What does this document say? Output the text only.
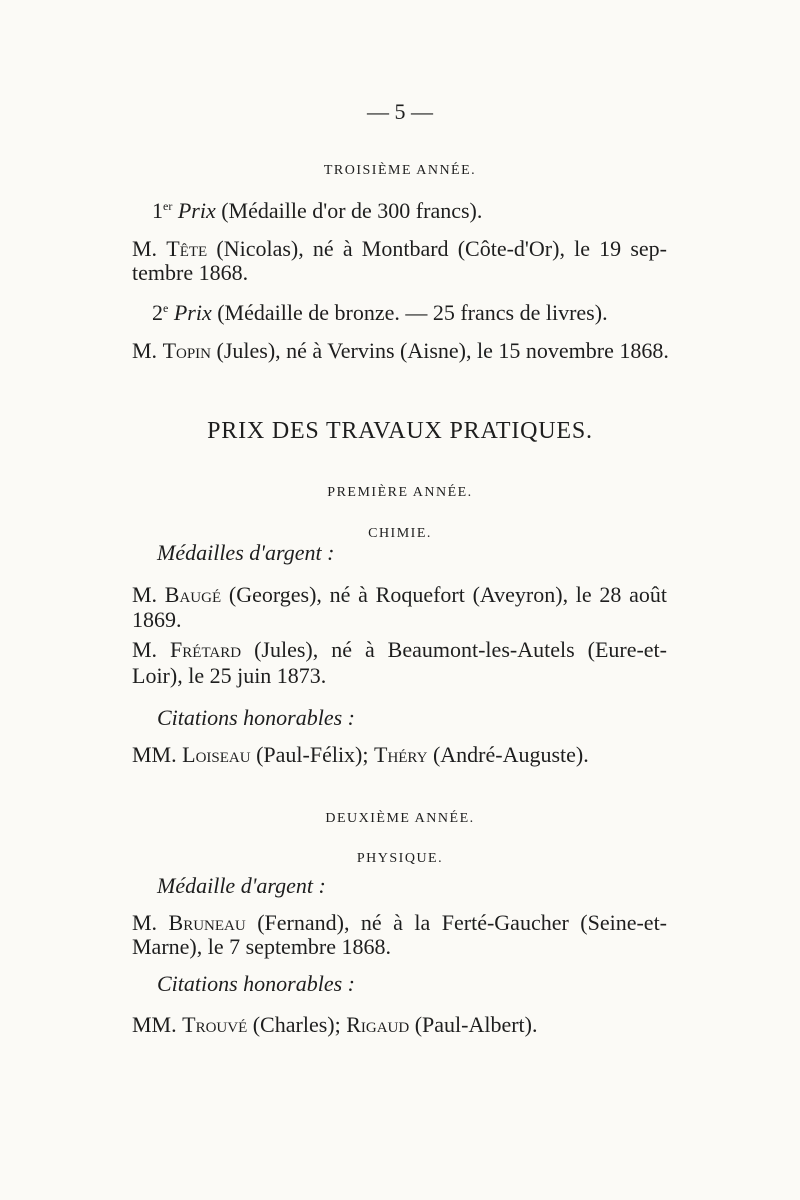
— 5 —
TROISIÈME ANNÉE.
1er Prix (Médaille d'or de 300 francs).
M. Tête (Nicolas), né à Montbard (Côte-d'Or), le 19 sep-
tembre 1868.
2e Prix (Médaille de bronze. — 25 francs de livres).
M. Topin (Jules), né à Vervins (Aisne), le 15 novembre 1868.
PRIX DES TRAVAUX PRATIQUES.
PREMIÈRE ANNÉE.
CHIMIE.
Médailles d'argent :
M. Baugé (Georges), né à Roquefort (Aveyron), le 28 août
1869.
M. Frétard (Jules), né à Beaumont-les-Autels (Eure-et-
Loir), le 25 juin 1873.
Citations honorables :
MM. Loiseau (Paul-Félix); Théry (André-Auguste).
DEUXIÈME ANNÉE.
PHYSIQUE.
Médaille d'argent :
M. Bruneau (Fernand), né à la Ferté-Gaucher (Seine-et-
Marne), le 7 septembre 1868.
Citations honorables :
MM. Trouvé (Charles); Rigaud (Paul-Albert).
